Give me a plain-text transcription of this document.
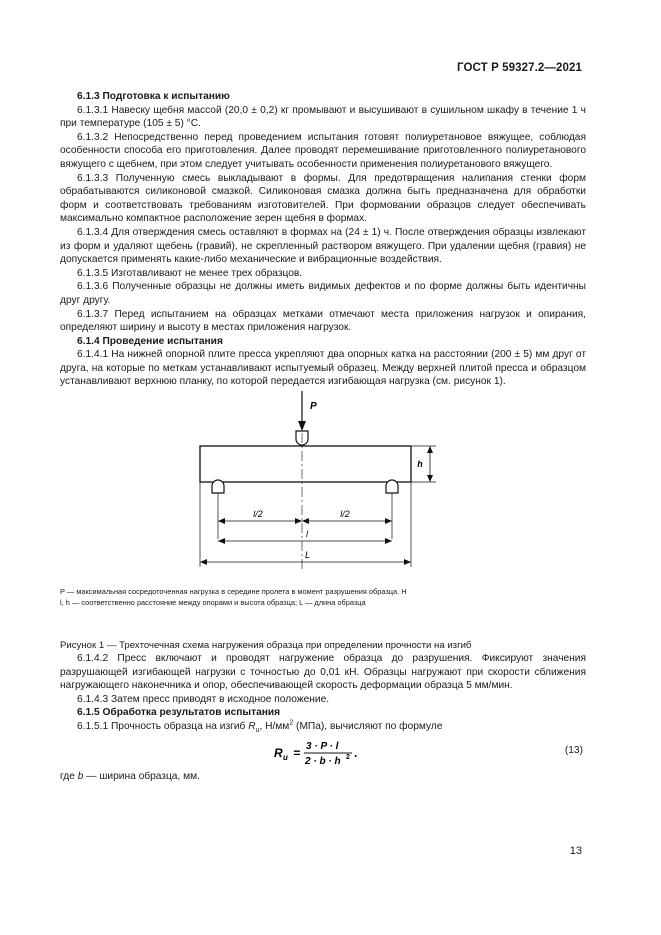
ГОСТ Р 59327.2—2021

6.1.3 Подготовка к испытанию

6.1.3.1 Навеску щебня массой (20,0 ± 0,2) кг промывают и высушивают в сушильном шкафу в течение 1 ч при температуре (105 ± 5) °С.

6.1.3.2 Непосредственно перед проведением испытания готовят полиуретановое вяжущее, соблюдая особенности способа его приготовления. Далее проводят перемешивание приготовленного полиуретанового вяжущего с щебнем, при этом следует учитывать особенности применения полиуретанового вяжущего.

6.1.3.3 Полученную смесь выкладывают в формы. Для предотвращения налипания стенки форм обрабатываются силиконовой смазкой. Силиконовая смазка должна быть предназначена для обработки форм и соответствовать требованиям изготовителей. При формовании образцов следует обеспечивать максимально компактное расположение зерен щебня в формах.

6.1.3.4 Для отверждения смесь оставляют в формах на (24 ± 1) ч. После отверждения образцы извлекают из форм и удаляют щебень (гравий), не скрепленный раствором вяжущего. При удалении щебня (гравия) не допускается применять какие-либо механические и вибрационные воздействия.

6.1.3.5 Изготавливают не менее трех образцов.

6.1.3.6 Полученные образцы не должны иметь видимых дефектов и по форме должны быть идентичны друг другу.

6.1.3.7 Перед испытанием на образцах метками отмечают места приложения нагрузок и опирания, определяют ширину и высоту в местах приложения нагрузок.

6.1.4 Проведение испытания

6.1.4.1 На нижней опорной плите пресса укрепляют два опорных катка на расстоянии (200 ± 5) мм друг от друга, на которые по меткам устанавливают испытуемый образец. Между верхней плитой пресса и образцом устанавливают верхнюю планку, по которой передается изгибающая нагрузка (см. рисунок 1).

P
h
l/2	l/2
l
L

P — максимальная сосредоточенная нагрузка в середине пролета в момент разрушения образца. Н

l, h — соответственно расстояние между опорами и высота образца; L — длина образца

Рисунок 1 — Трехточечная схема нагружения образца при определении прочности на изгиб

6.1.4.2 Пресс включают и проводят нагружение образца до разрушения. Фиксируют значения разрушающей изгибающей нагрузки с точностью до 0,01 кН. Образцы нагружают при скорости сближения нагружающего наконечника и опор, обеспечивающей скорость деформации образца 5 мм/мин.

6.1.4.3 Затем пресс приводят в исходное положение.

6.1.5 Обработка результатов испытания

6.1.5.1 Прочность образца на изгиб $R_u$, $Н/мм^2$ (МПа), вычисляют по формуле

R u = 3 · P · l
2 · b · h 2 .	(13)

где b — ширина образца, мм.

13
